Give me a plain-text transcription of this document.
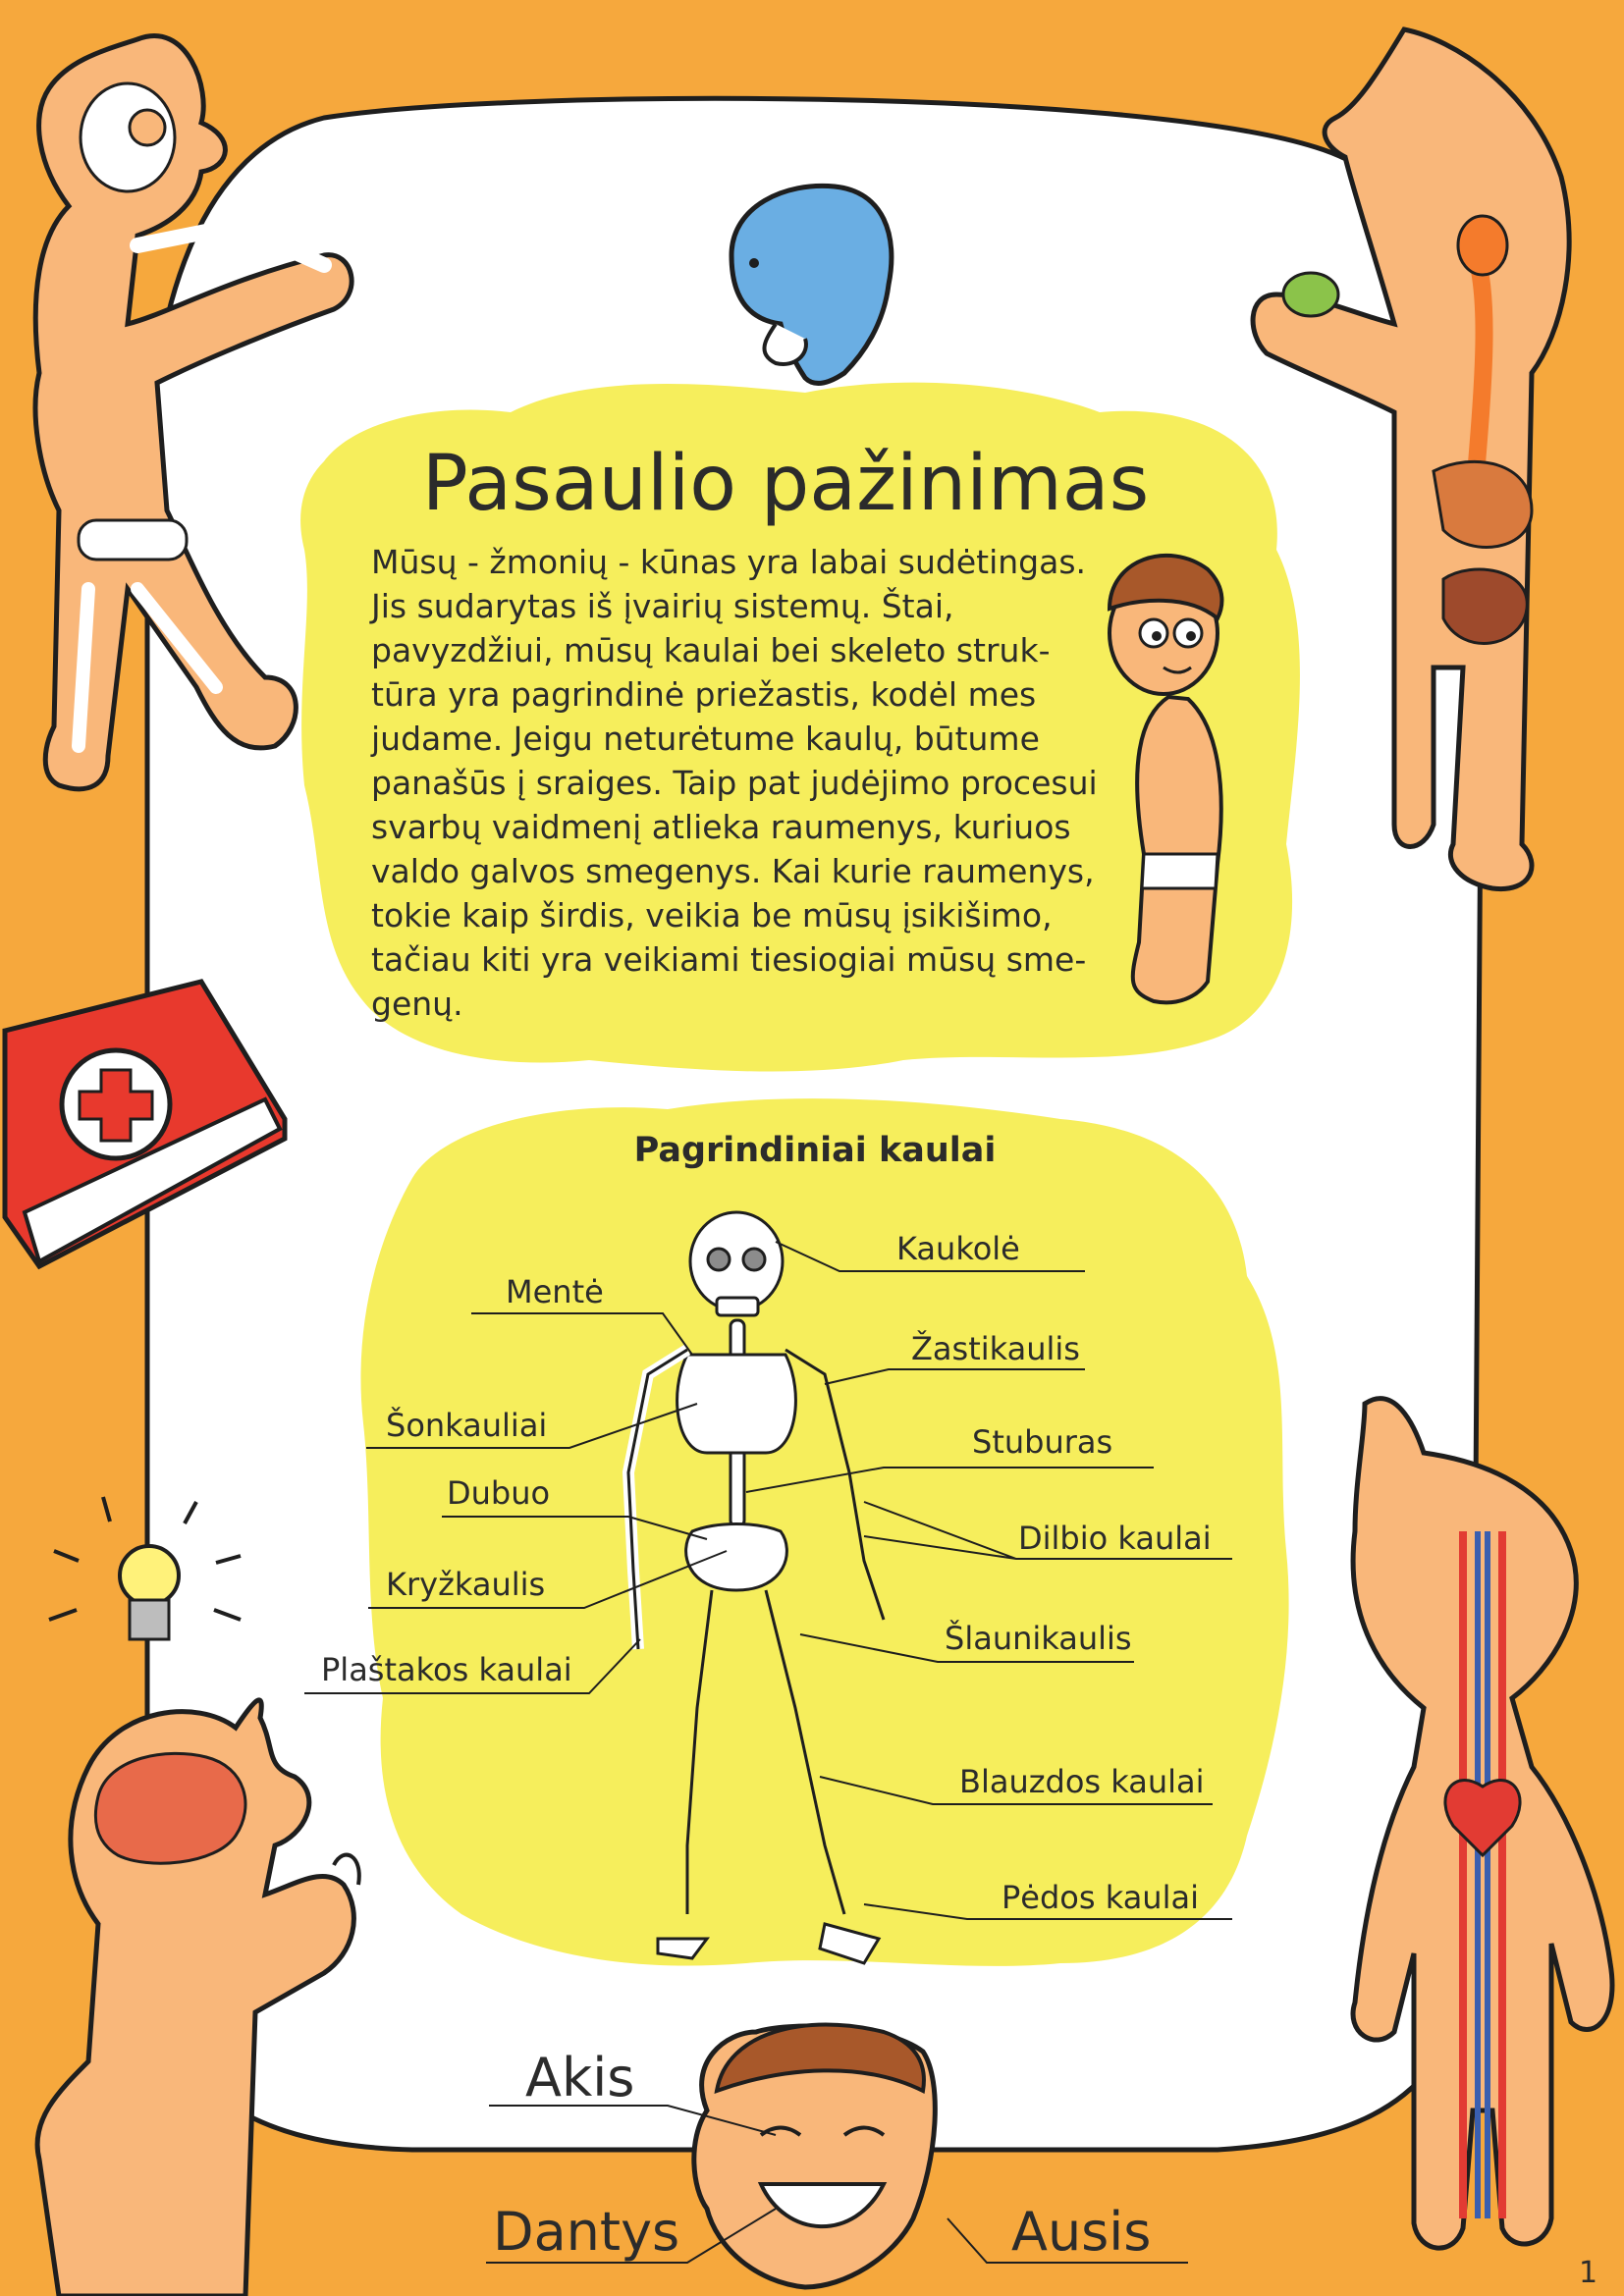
Kaukolė
Mentė
Žastikaulis
Šonkauliai	Stuburas
Dubuo
Dilbio kaulai
Kryžkaulis
Šlaunikaulis
Plaštakos kaulai
Blauzdos kaulai
Pėdos kaulai
Akis
Dantys	Ausis
Pasaulio pažinimas
Mūsų - žmonių - kūnas yra labai sudėtingas.
Jis sudarytas iš įvairių sistemų. Štai,
pavyzdžiui, mūsų kaulai bei skeleto struk-
tūra yra pagrindinė priežastis, kodėl mes
judame. Jeigu neturėtume kaulų, būtume
panašūs į sraiges. Taip pat judėjimo procesui
svarbų vaidmenį atlieka raumenys, kuriuos
valdo galvos smegenys. Kai kurie raumenys,
tokie kaip širdis, veikia be mūsų įsikišimo,
tačiau kiti yra veikiami tiesiogiai mūsų sme-
genų.
Pagrindiniai kaulai
1
